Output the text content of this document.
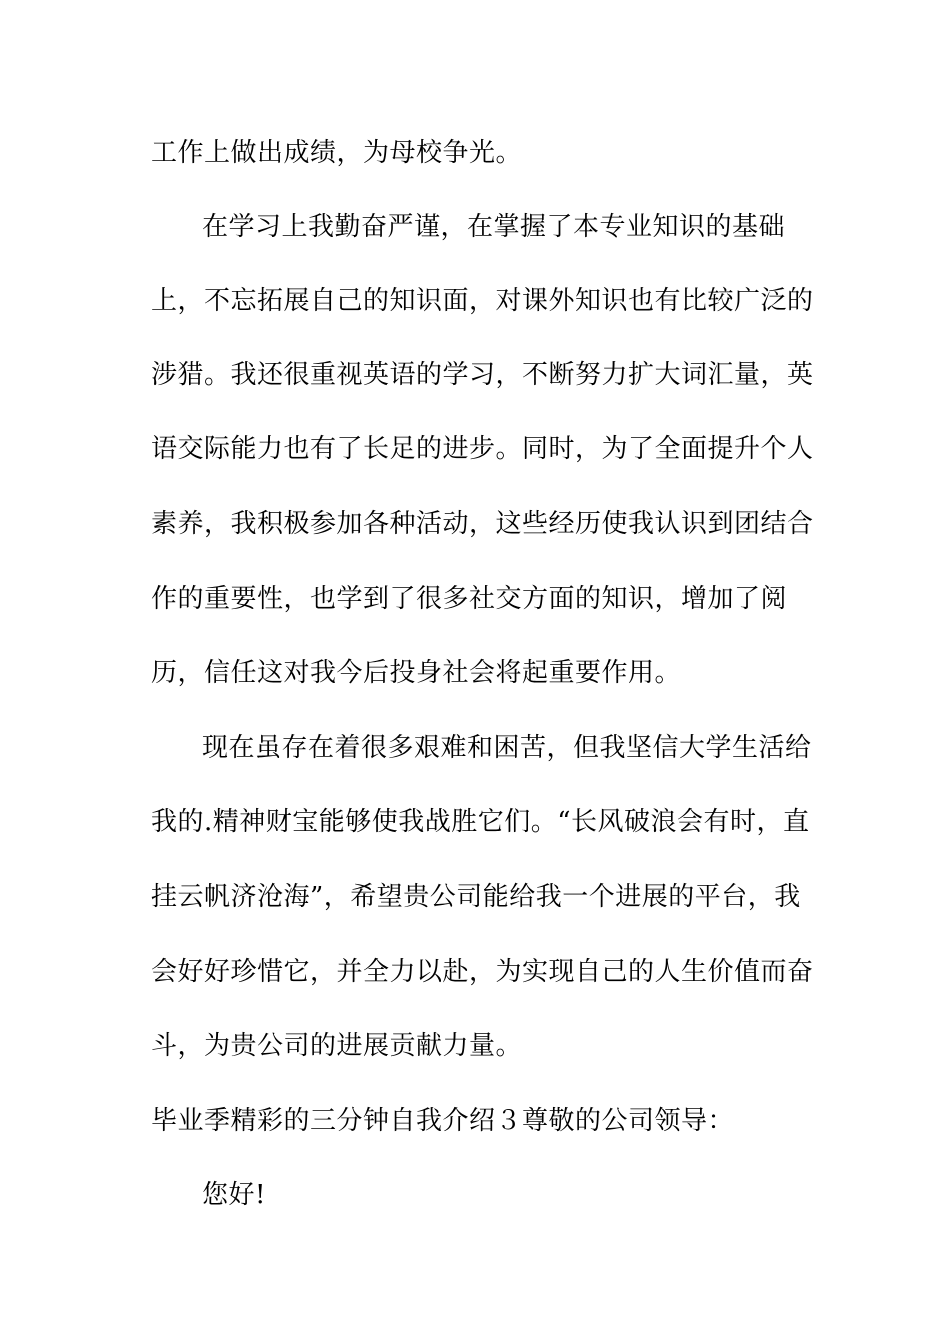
工作上做出成绩，为母校争光。

在学习上我勤奋严谨，在掌握了本专业知识的基础

上，不忘拓展自己的知识面，对课外知识也有比较广泛的

涉猎。我还很重视英语的学习，不断努力扩大词汇量，英

语交际能力也有了长足的进步。同时，为了全面提升个人

素养，我积极参加各种活动，这些经历使我认识到团结合

作的重要性，也学到了很多社交方面的知识，增加了阅

历，信任这对我今后投身社会将起重要作用。

现在虽存在着很多艰难和困苦，但我坚信大学生活给

我的.精神财宝能够使我战胜它们。“长风破浪会有时，直

挂云帆济沧海”，希望贵公司能给我一个进展的平台，我

会好好珍惜它，并全力以赴，为实现自己的人生价值而奋

斗，为贵公司的进展贡献力量。

毕业季精彩的三分钟自我介绍３尊敬的公司领导：

您好!
